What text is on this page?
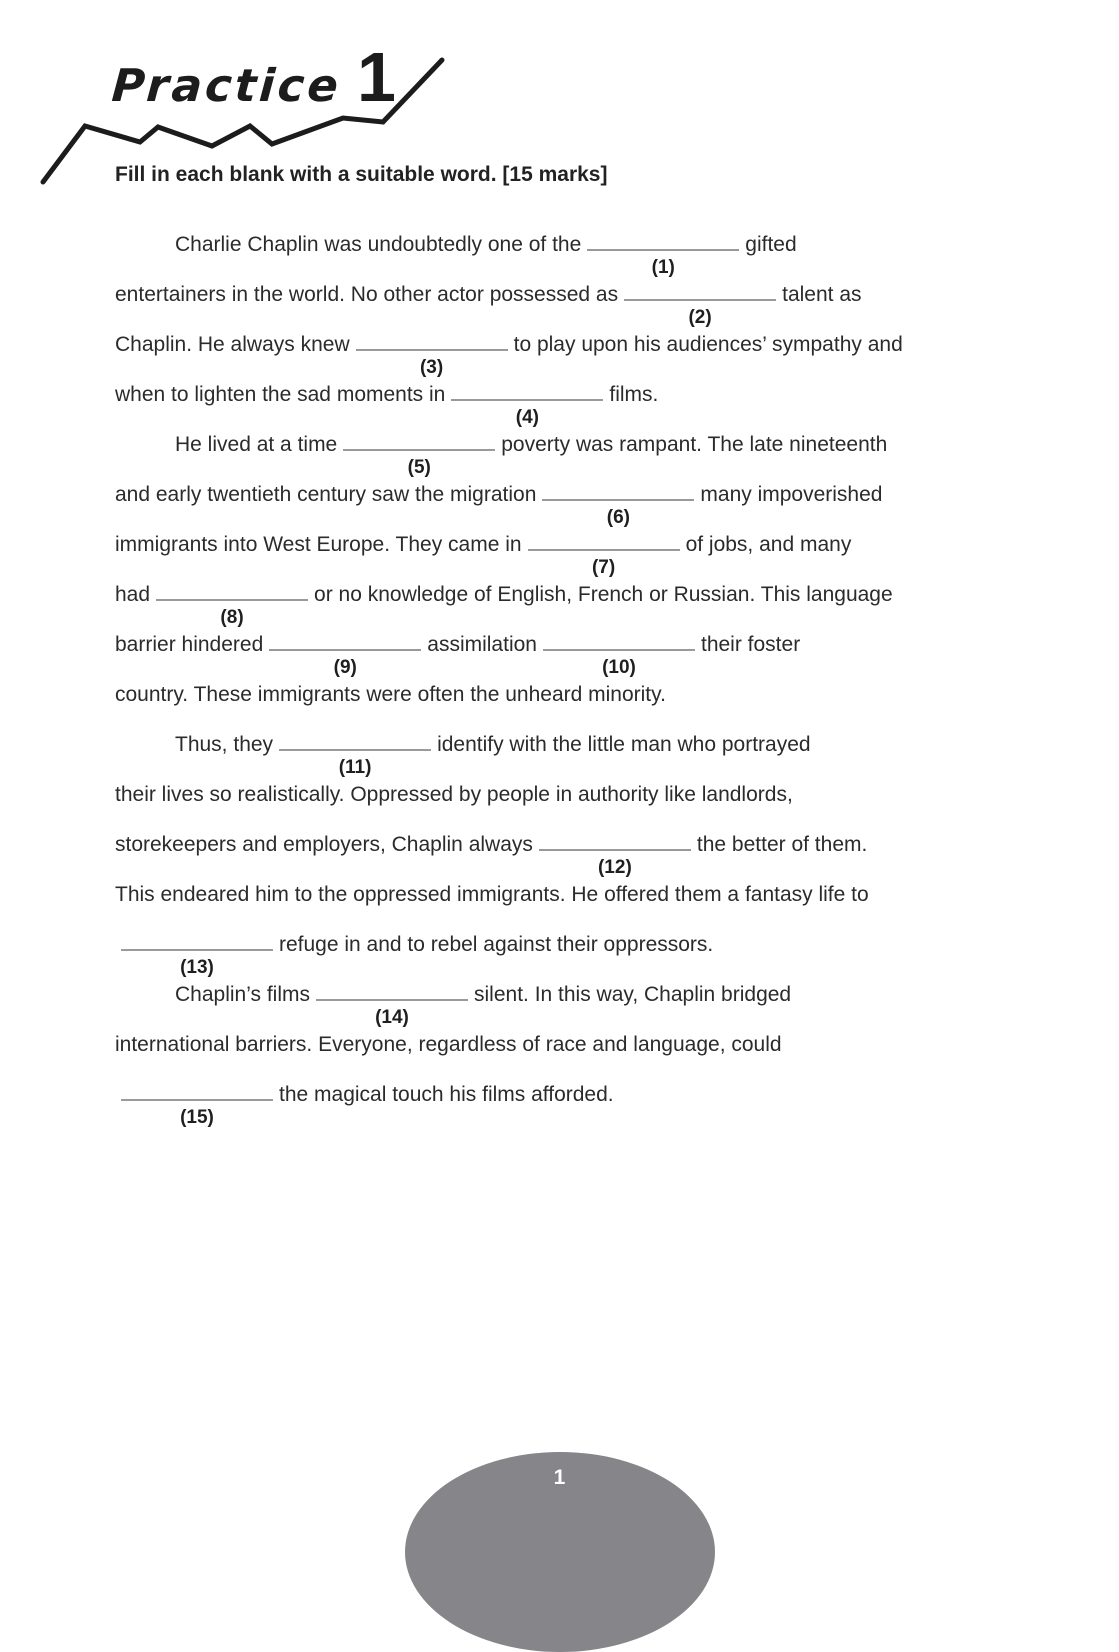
Practice 1
Fill in each blank with a suitable word. [15 marks]
Charlie Chaplin was undoubtedly one of the
(1)
gifted
entertainers in the world. No other actor possessed as
(2)
talent as
Chaplin. He always knew
(3)
to play upon his audiences’ sympathy and
when to lighten the sad moments in
(4)
films.
He lived at a time
(5)
poverty was rampant. The late nineteenth
and early twentieth century saw the migration
(6)
many impoverished
immigrants into West Europe. They came in
(7)
of jobs, and many
had
(8)
or no knowledge of English, French or Russian. This language
barrier hindered
(9)
assimilation
(10)
their foster
country. These immigrants were often the unheard minority.
Thus, they
(11)
identify with the little man who portrayed
their lives so realistically. Oppressed by people in authority like landlords,
storekeepers and employers, Chaplin always
(12)
the better of them.
This endeared him to the oppressed immigrants. He offered them a fantasy life to
(13)
refuge in and to rebel against their oppressors.
Chaplin’s films
(14)
silent. In this way, Chaplin bridged
international barriers. Everyone, regardless of race and language, could
(15)
the magical touch his films afforded.
1
